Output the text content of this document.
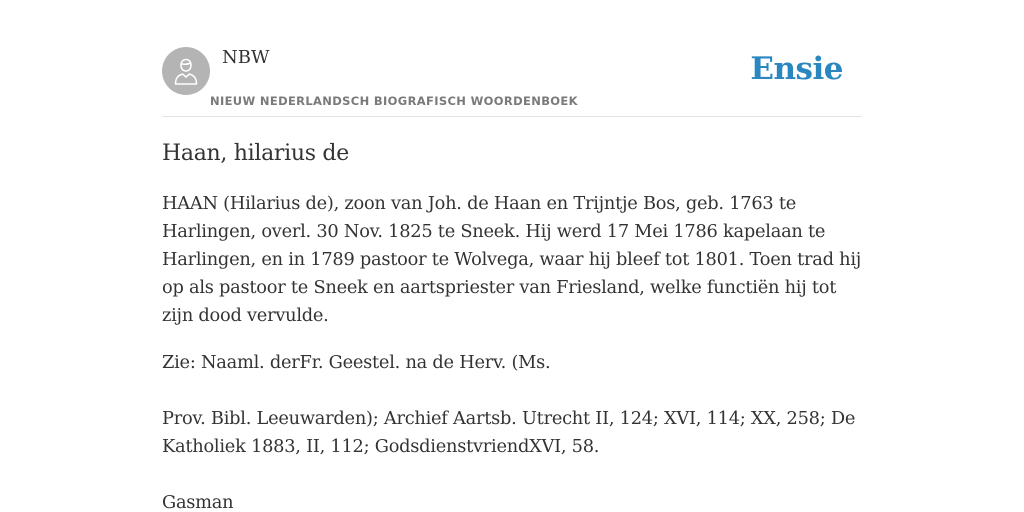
NBW
NIEUW NEDERLANDSCH BIOGRAFISCH WOORDENBOEK
Ensie
Haan, hilarius de

HAAN (Hilarius de), zoon van Joh. de Haan en Trijntje Bos, geb. 1763 te Harlingen, overl. 30 Nov. 1825 te Sneek. Hij werd 17 Mei 1786 kapelaan te Harlingen, en in 1789 pastoor te Wolvega, waar hij bleef tot 1801. Toen trad hij op als pastoor te Sneek en aartspriester van Friesland, welke functiën hij tot zijn dood vervulde.

Zie: Naaml. derFr. Geestel. na de Herv. (Ms.

Prov. Bibl. Leeuwarden); Archief Aartsb. Utrecht II, 124; XVI, 114; XX, 258; De Katholiek 1883, II, 112; GodsdienstvriendXVI, 58.

Gasman
